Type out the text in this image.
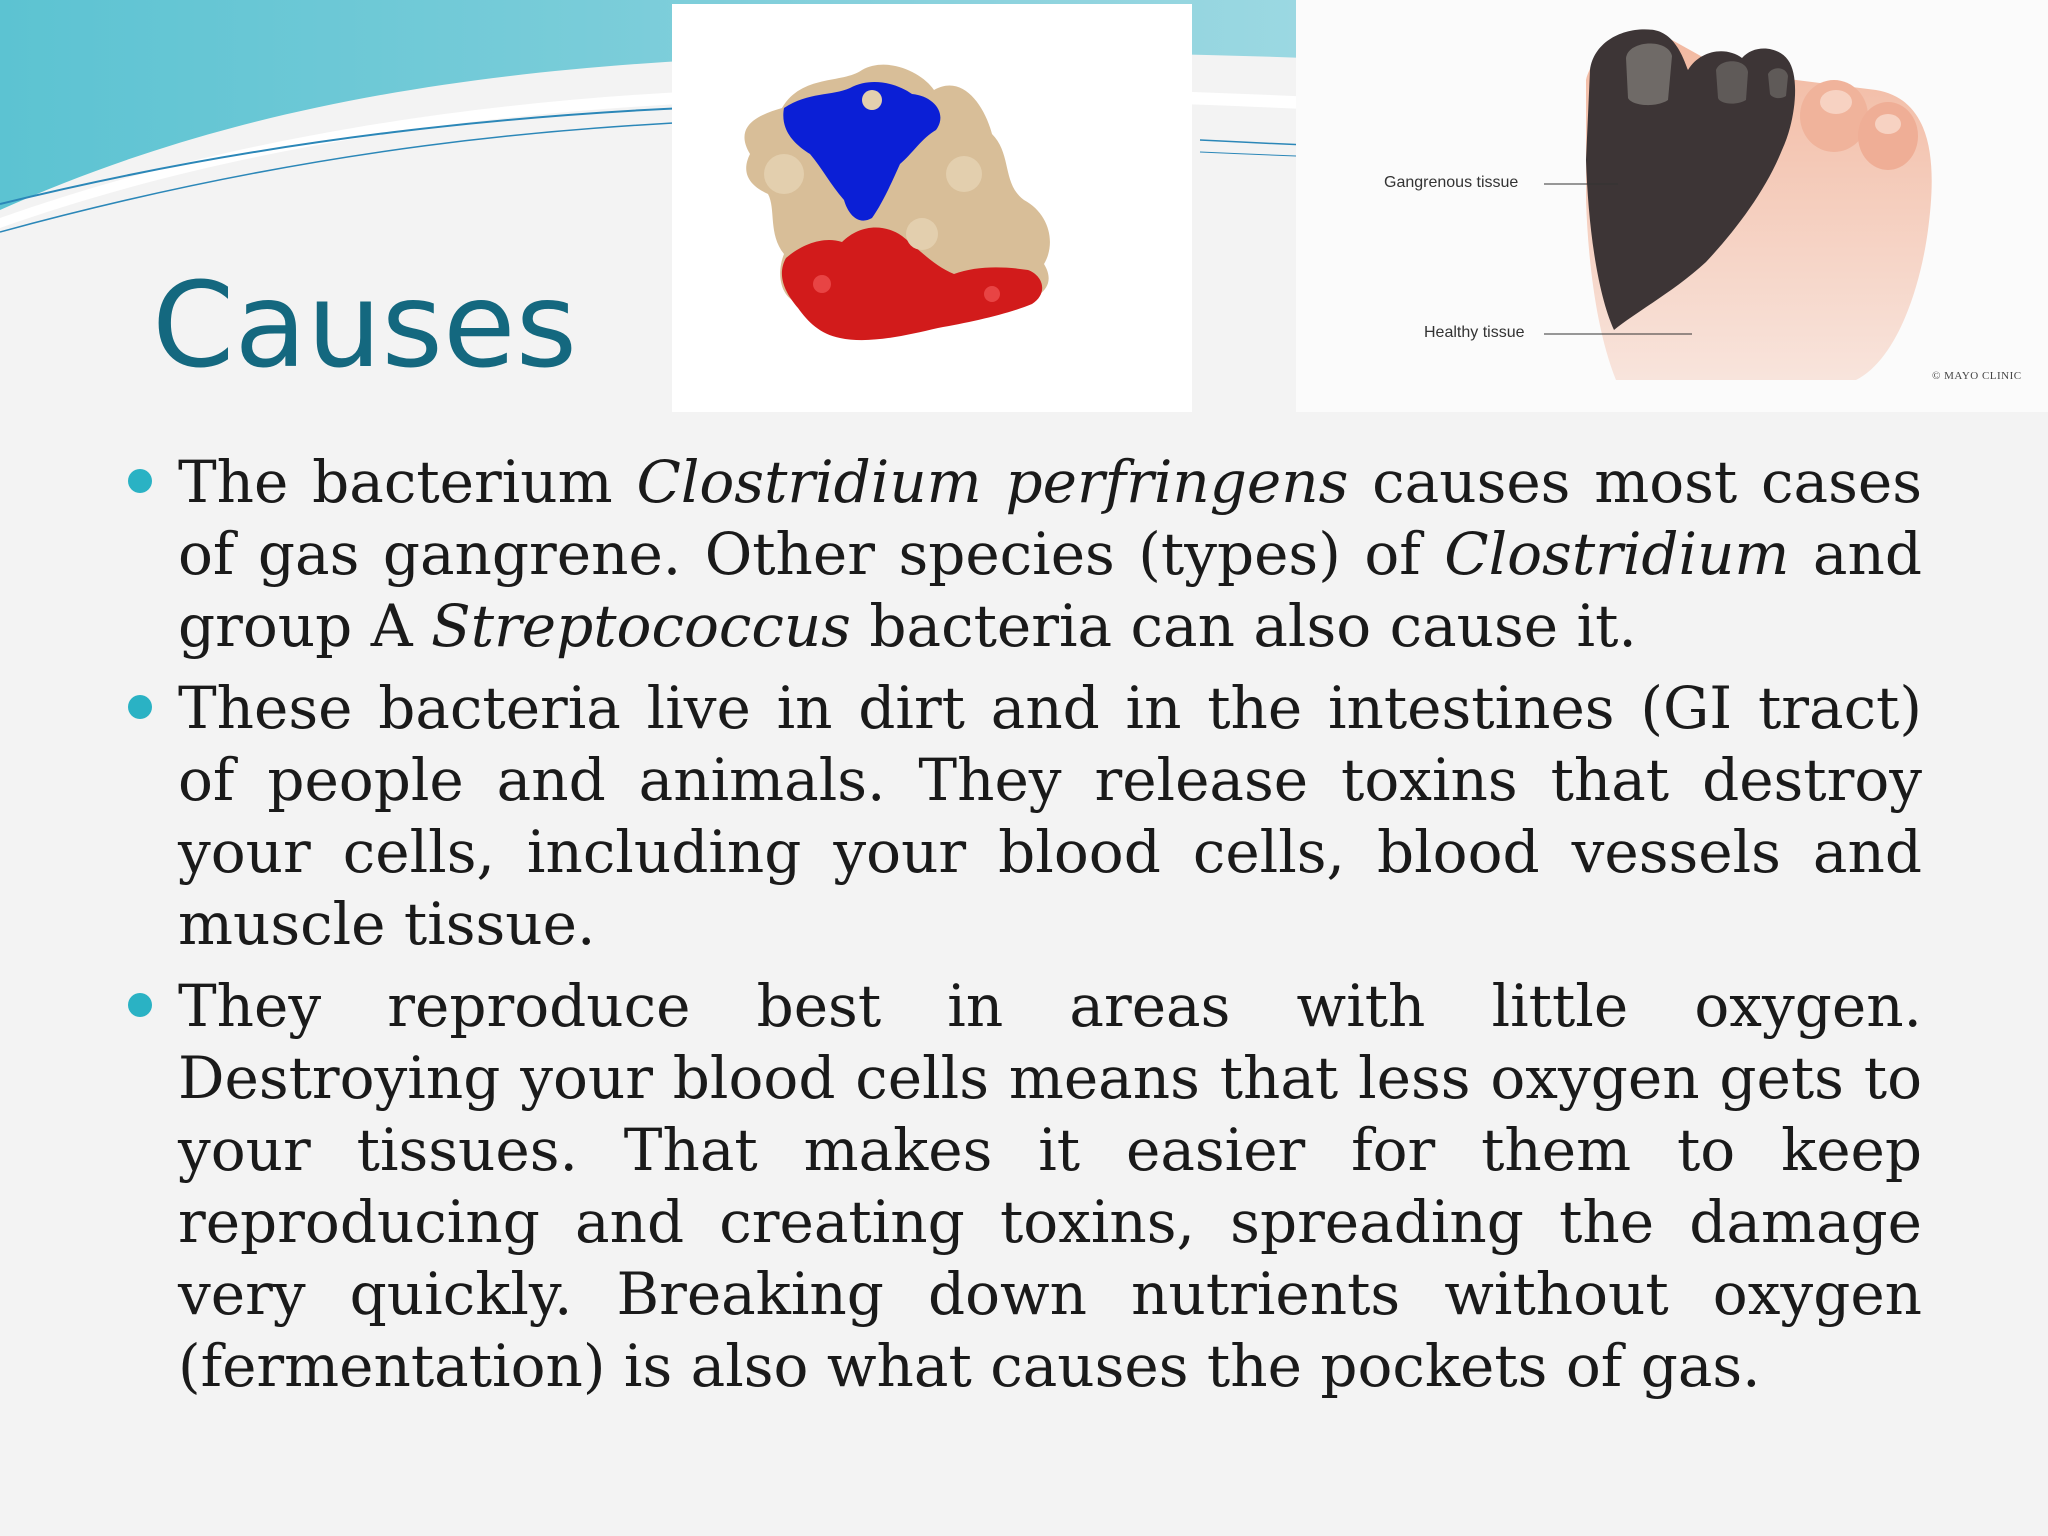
Causes
Gangrenous tissue
Healthy tissue
© MAYO CLINIC
The bacterium Clostridium perfringens causes most cases of gas gangrene. Other species (types) of Clostridium and group A Streptococcus bacteria can also cause it.
These bacteria live in dirt and in the intestines (GI tract) of people and animals. They release toxins that destroy your cells, including your blood cells, blood vessels and muscle tissue.
They reproduce best in areas with little oxygen. Destroying your blood cells means that less oxygen gets to your tissues. That makes it easier for them to keep reproducing and creating toxins, spreading the damage very quickly. Breaking down nutrients without oxygen (fermentation) is also what causes the pockets of gas.
